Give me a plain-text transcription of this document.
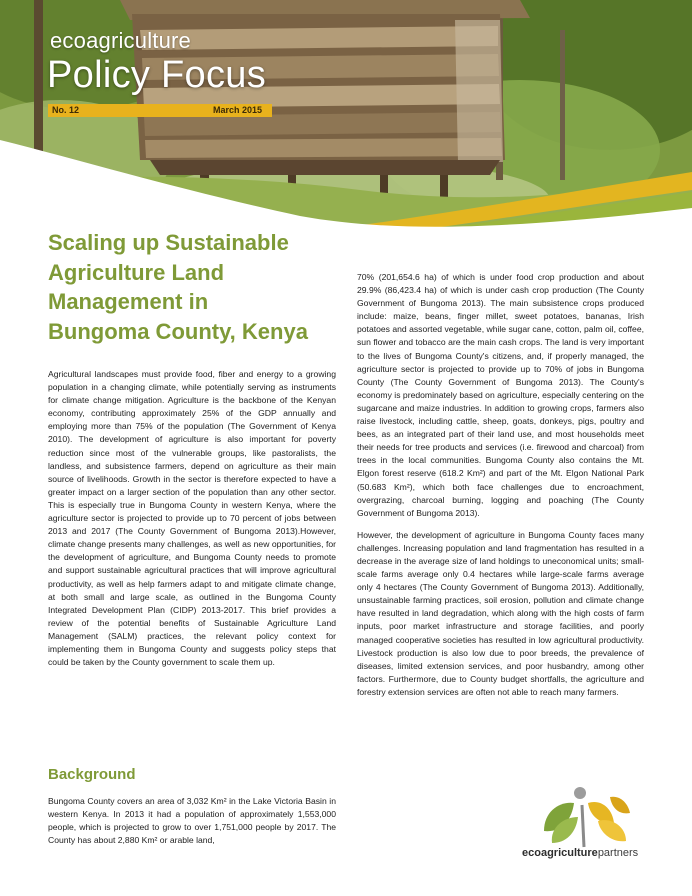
ecoagriculture
Policy Focus
No. 12	March 2015
Scaling up Sustainable
Agriculture Land
Management in
Bungoma County, Kenya

Agricultural landscapes must provide food, fiber and energy to a growing population in a changing climate, while potentially serving as instruments for climate change mitigation. Agriculture is the backbone of the Kenyan economy, contributing approximately 25% of the GDP annually and employing more than 75% of the population (The Government of Kenya 2010). The development of agriculture is also important for poverty reduction since most of the vulnerable groups, like pastoralists, the landless, and subsistence farmers, depend on agriculture as their main source of livelihoods. Growth in the sector is therefore expected to have a greater impact on a larger section of the population than any other sector. This is especially true in Bungoma County in western Kenya, where the agriculture sector is projected to provide up to 70 percent of jobs between 2013 and 2017 (The County Government of Bungoma 2013).However, climate change presents many challenges, as well as new opportunities, for the development of agriculture, and Bungoma County needs to promote and support sustainable agricultural practices that will improve agricultural productivity, as well as help farmers adapt to and mitigate climate change, at both small and large scale, as outlined in the Bungoma County Integrated Development Plan (CIDP) 2013-2017. This brief provides a review of the potential benefits of Sustainable Agriculture Land Management (SALM) practices, the relevant policy context for implementing them in Bungoma County and suggests policy steps that could be taken by the County government to scale them up.

Background

Bungoma County covers an area of 3,032 Km² in the Lake Victoria Basin in western Kenya. In 2013 it had a population of approximately 1,553,000 people, which is projected to grow to over 1,751,000 people by 2017. The County has about 2,880 Km² or arable land,

70% (201,654.6 ha) of which is under food crop production and about 29.9% (86,423.4 ha) of which is under cash crop production (The County Government of Bungoma 2013). The main subsistence crops produced include: maize, beans, finger millet, sweet potatoes, bananas, Irish potatoes and assorted vegetable, while sugar cane, cotton, palm oil, coffee, sun flower and tobacco are the main cash crops. The land is very important to the lives of Bungoma County's citizens, and, if properly managed, the agriculture sector is projected to provide up to 70% of jobs in Bungoma County (The County Government of Bungoma 2013). The County's economy is predominately based on agriculture, especially centering on the sugarcane and maize industries. In addition to growing crops, farmers also raise livestock, including cattle, sheep, goats, donkeys, pigs, poultry and bees, as an integrated part of their land use, and most households meet their needs for tree products and services (i.e. firewood and charcoal) from trees in the local communities. Bungoma County also contains the Mt. Elgon forest reserve (618.2 Km²) and part of the Mt. Elgon National Park (50.683 Km²), which both face challenges due to encroachment, overgrazing, charcoal burning, logging and poaching (The County Government of Bungoma 2013).

However, the development of agriculture in Bungoma County faces many challenges. Increasing population and land fragmentation has resulted in a decrease in the average size of land holdings to uneconomical units; small-scale farms average only 0.4 hectares while large-scale farms average only 4 hectares (The County Government of Bungoma 2013). Additionally, unsustainable farming practices, soil erosion, pollution and climate change have resulted in land degradation, which along with the high costs of farm inputs, poor market infrastructure and storage facilities, and poorly managed cooperative societies has resulted in low agricultural productivity. Livestock production is also low due to poor breeds, the prevalence of diseases, limited extension services, and poor husbandry, among other factors. Furthermore, due to County budget shortfalls, the agriculture and forestry extension services are often not able to reach many farmers.

ecoagriculturepartners
